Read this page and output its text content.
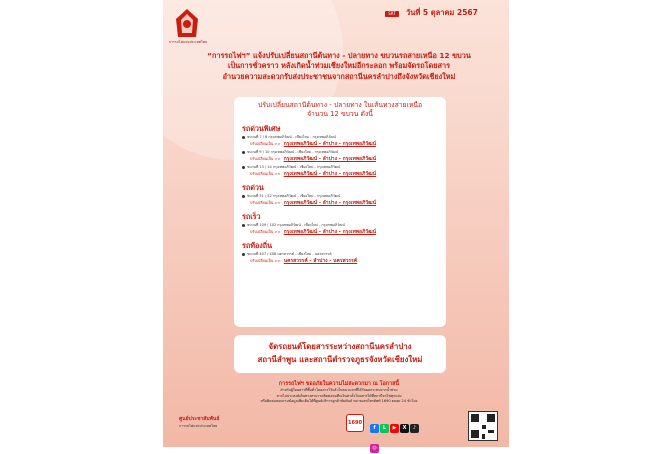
การรถไฟแห่งประเทศไทย
SRT	วันที่ 5 ตุลาคม 2567
“การรถไฟฯ” แจ้งปรับเปลี่ยนสถานีต้นทาง - ปลายทาง ขบวนรถสายเหนือ 12 ขบวน
เป็นการชั่วคราว หลังเกิดน้ำท่วมเชียงใหม่อีกระลอก พร้อมจัดรถโดยสาร
อำนวยความสะดวกรับส่งประชาชนจากสถานีนครลำปางถึงจังหวัดเชียงใหม่
ปรับเปลี่ยนสถานีต้นทาง - ปลายทาง ในเส้นทางสายเหนือ
จำนวน 12 ขบวน ดังนี้
รถด่วนพิเศษ
ขบวนที่ 7 / 8 กรุงเทพอภิวัฒน์ - เชียงใหม่ - กรุงเทพอภิวัฒน์
ปรับเปลี่ยนเป็น >> กรุงเทพอภิวัฒน์ - ลำปาง - กรุงเทพอภิวัฒน์
ขบวนที่ 9 / 10 กรุงเทพอภิวัฒน์ - เชียงใหม่ - กรุงเทพอภิวัฒน์
ปรับเปลี่ยนเป็น >> กรุงเทพอภิวัฒน์ - ลำปาง - กรุงเทพอภิวัฒน์
ขบวนที่ 13 / 14 กรุงเทพอภิวัฒน์ - เชียงใหม่ - กรุงเทพอภิวัฒน์
ปรับเปลี่ยนเป็น >> กรุงเทพอภิวัฒน์ - ลำปาง - กรุงเทพอภิวัฒน์
รถด่วน
ขบวนที่ 51 / 52 กรุงเทพอภิวัฒน์ - เชียงใหม่ - กรุงเทพอภิวัฒน์
ปรับเปลี่ยนเป็น >> กรุงเทพอภิวัฒน์ - ลำปาง - กรุงเทพอภิวัฒน์
รถเร็ว
ขบวนที่ 109 / 102 กรุงเทพอภิวัฒน์ - เชียงใหม่ - กรุงเทพอภิวัฒน์
ปรับเปลี่ยนเป็น >> กรุงเทพอภิวัฒน์ - ลำปาง - กรุงเทพอภิวัฒน์
รถท้องถิ่น
ขบวนที่ 407 / 408 นครสวรรค์ - เชียงใหม่ - นครสวรรค์
ปรับเปลี่ยนเป็น >> นครสวรรค์ - ลำปาง - นครสวรรค์
จัดรถยนต์โดยสารระหว่างสถานีนครลำปาง
สถานีลำพูน และสถานีตำรวจภูธรจังหวัดเชียงใหม่
การรถไฟฯ ขออภัยในความไม่สะดวกมา ณ โอกาสนี้
สำหรับผู้โดยสารที่ซื้อตั๋วโดยสารไว้แล้วในขบวนรถที่ได้รับผลกระทบจากน้ำท่วม
หากไม่ประสงค์เดินทางสามารถติดต่อขอคืนเงินค่าตั๋วโดยสารได้ที่สถานีรถไฟทุกแห่ง
หรือติดต่อสอบถามข้อมูลเพิ่มเติมได้ที่ศูนย์บริการลูกค้าสัมพันธ์ หมายเลขโทรศัพท์ 1690 ตลอด 24 ชั่วโมง
ศูนย์ประชาสัมพันธ์
การรถไฟแห่งประเทศไทย	1690
f L ▶ X ♪◎
